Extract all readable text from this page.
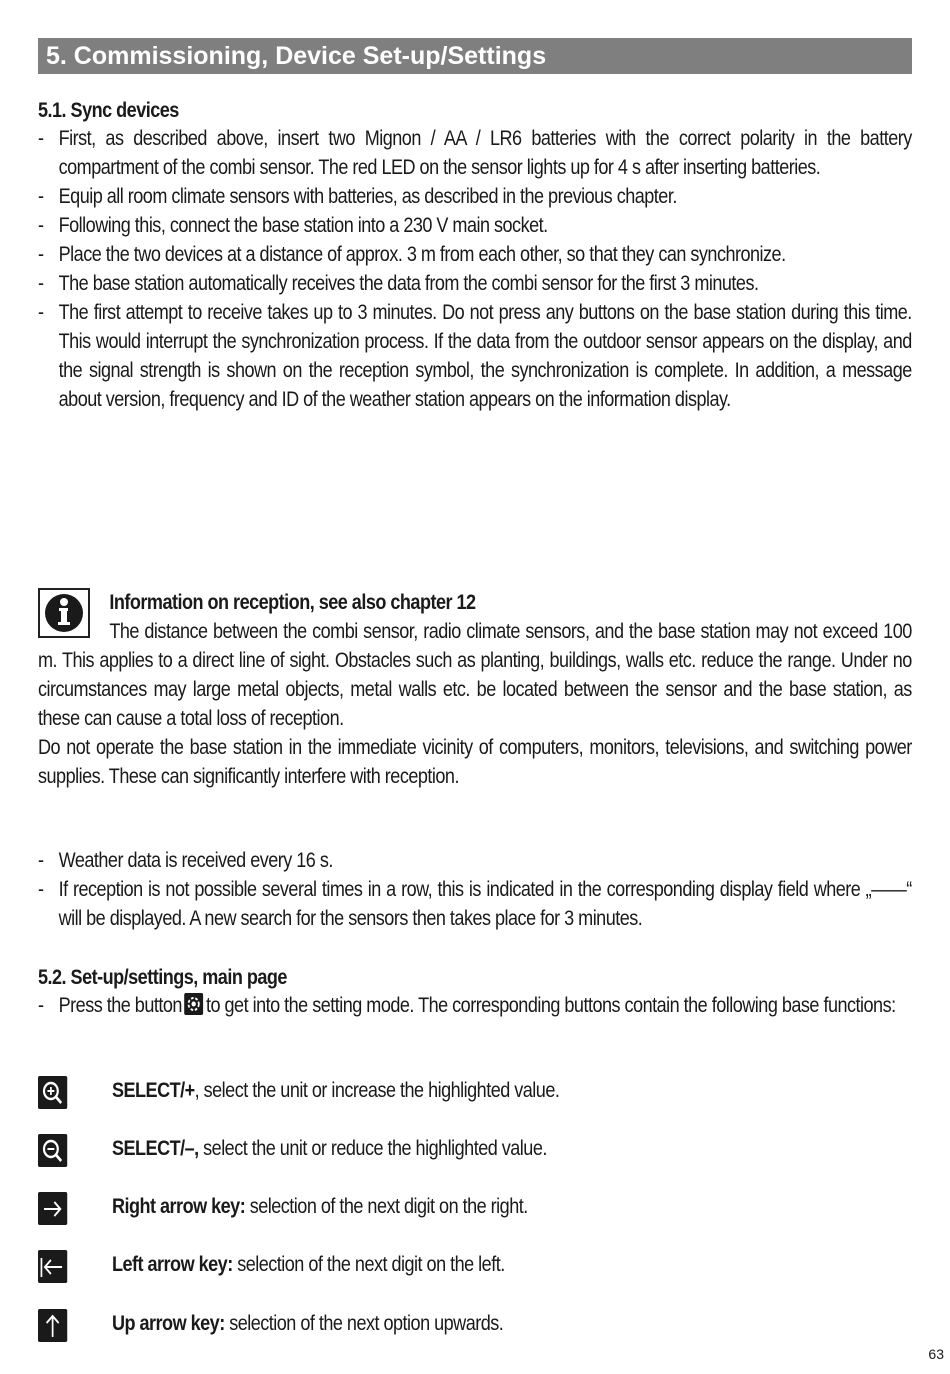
5. Commissioning, Device Set-up/Settings
5.1. Sync devices
- First, as described above, insert two Mignon / AA / LR6 batteries with the correct polarity in the battery compartment of the combi sensor. The red LED on the sensor lights up for 4 s after inserting batteries.
- Equip all room climate sensors with batteries, as described in the previous chapter.
- Following this, connect the base station into a 230 V main socket.
- Place the two devices at a distance of approx. 3 m from each other, so that they can synchronize.
- The base station automatically receives the data from the combi sensor for the first 3 minutes.
- The first attempt to receive takes up to 3 minutes. Do not press any buttons on the base station during this time. This would interrupt the synchronization process. If the data from the outdoor sensor appears on the display, and the signal strength is shown on the reception symbol, the synchronization is complete. In addition, a message about version, frequency and ID of the weather station appears on the information display.
Information on reception, see also chapter 12
The distance between the combi sensor, radio climate sensors, and the base station may not exceed 100 m. This applies to a direct line of sight. Obstacles such as planting, buildings, walls etc. reduce the range. Under no circumstances may large metal objects, metal walls etc. be located between the sensor and the base station, as these can cause a total loss of reception.
Do not operate the base station in the immediate vicinity of computers, monitors, televisions, and switching power supplies. These can significantly interfere with reception.
- Weather data is received every 16 s.
- If reception is not possible several times in a row, this is indicated in the corresponding display field where „——“ will be displayed. A new search for the sensors then takes place for 3 minutes.
5.2. Set-up/settings, main page
- Press the button to get into the setting mode. The corresponding buttons contain the following base functions:
SELECT/+, select the unit or increase the highlighted value.
SELECT/–, select the unit or reduce the highlighted value.
Right arrow key: selection of the next digit on the right.
Left arrow key: selection of the next digit on the left.
Up arrow key: selection of the next option upwards.
63
